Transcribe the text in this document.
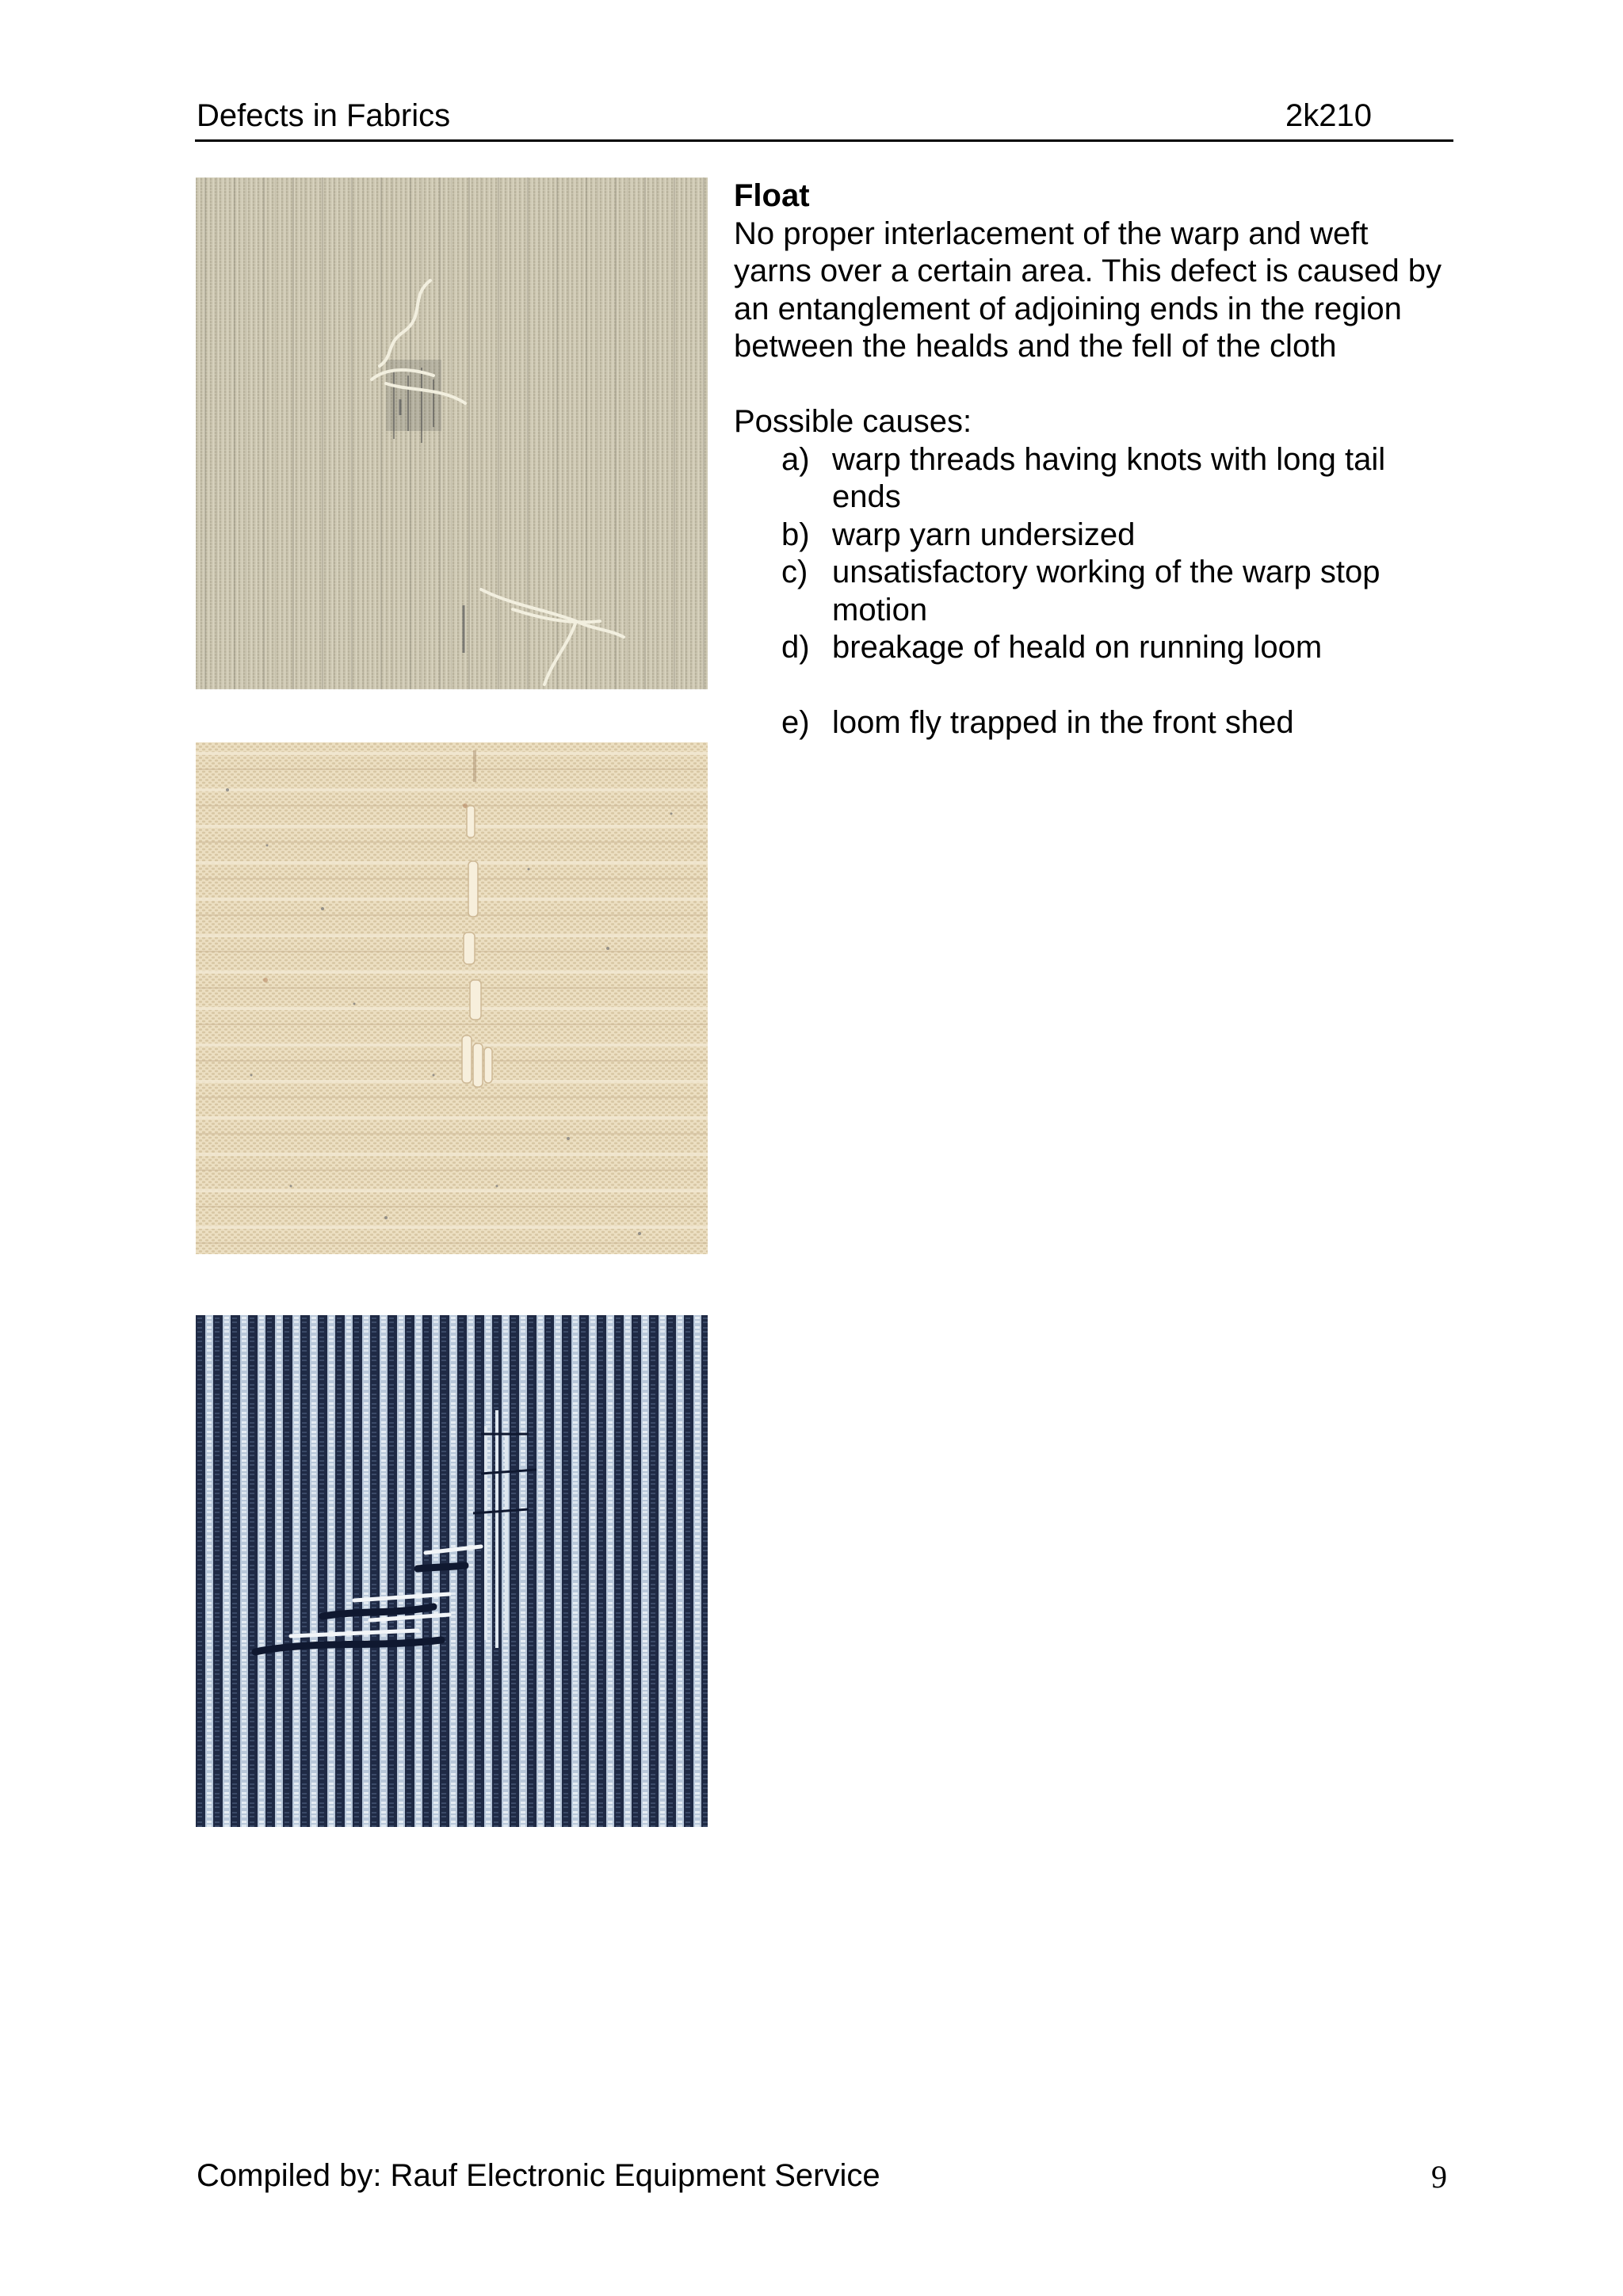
Defects in Fabrics	2k210

Float

No proper interlacement of the warp and weft yarns over a certain area. This defect is caused by an entanglement of adjoining ends in the region between the healds and the fell of the cloth

Possible causes:

a) warp threads having knots with long tail ends
b) warp yarn undersized
c) unsatisfactory working of the warp stop motion
d) breakage of heald on running loom
e) loom fly trapped in the front shed
Compiled by: Rauf Electronic Equipment Service	9
